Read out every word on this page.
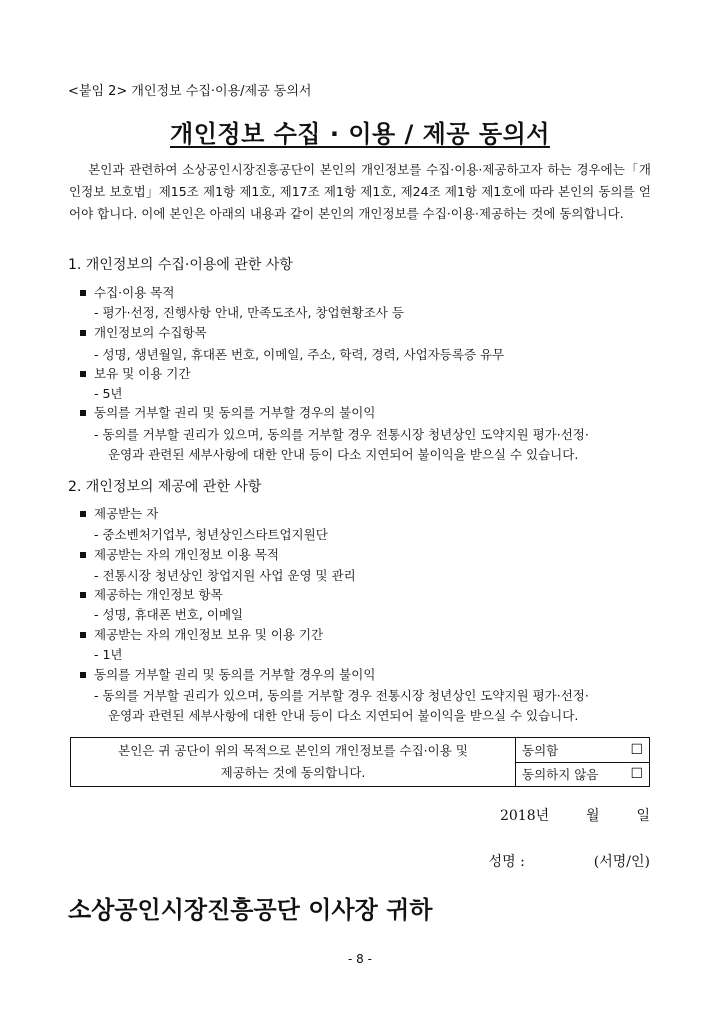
<붙임 2> 개인정보 수집·이용/제공 동의서
개인정보 수집 · 이용 / 제공 동의서
본인과 관련하여 소상공인시장진흥공단이 본인의 개인정보를 수집·이용·제공하고자 하는 경우에는「개인정보 보호법」제15조 제1항 제1호, 제17조 제1항 제1호, 제24조 제1항 제1호에 따라 본인의 동의를 얻어야 합니다. 이에 본인은 아래의 내용과 같이 본인의 개인정보를 수집·이용·제공하는 것에 동의합니다.
1. 개인정보의 수집·이용에 관한 사항
수집·이용 목적
- 평가·선정, 진행사항 안내, 만족도조사, 창업현황조사 등
개인정보의 수집항목
- 성명, 생년월일, 휴대폰 번호, 이메일, 주소, 학력, 경력, 사업자등록증 유무
보유 및 이용 기간
- 5년
동의를 거부할 권리 및 동의를 거부할 경우의 불이익
- 동의를 거부할 권리가 있으며, 동의를 거부할 경우 전통시장 청년상인 도약지원 평가·선정·
운영과 관련된 세부사항에 대한 안내 등이 다소 지연되어 불이익을 받으실 수 있습니다.
2. 개인정보의 제공에 관한 사항
제공받는 자
- 중소벤처기업부, 청년상인스타트업지원단
제공받는 자의 개인정보 이용 목적
- 전통시장 청년상인 창업지원 사업 운영 및 관리
제공하는 개인정보 항목
- 성명, 휴대폰 번호, 이메일
제공받는 자의 개인정보 보유 및 이용 기간
- 1년
동의를 거부할 권리 및 동의를 거부할 경우의 불이익
- 동의를 거부할 권리가 있으며, 동의를 거부할 경우 전통시장 청년상인 도약지원 평가·선정·
운영과 관련된 세부사항에 대한 안내 등이 다소 지연되어 불이익을 받으실 수 있습니다.
본인은 귀 공단이 위의 목적으로 본인의 개인정보를 수집·이용 및
제공하는 것에 동의합니다.

동의함	☐

동의하지 않음 ☐
2018년	월	일
성명 :	(서명/인)
소상공인시장진흥공단 이사장 귀하
- 8 -
